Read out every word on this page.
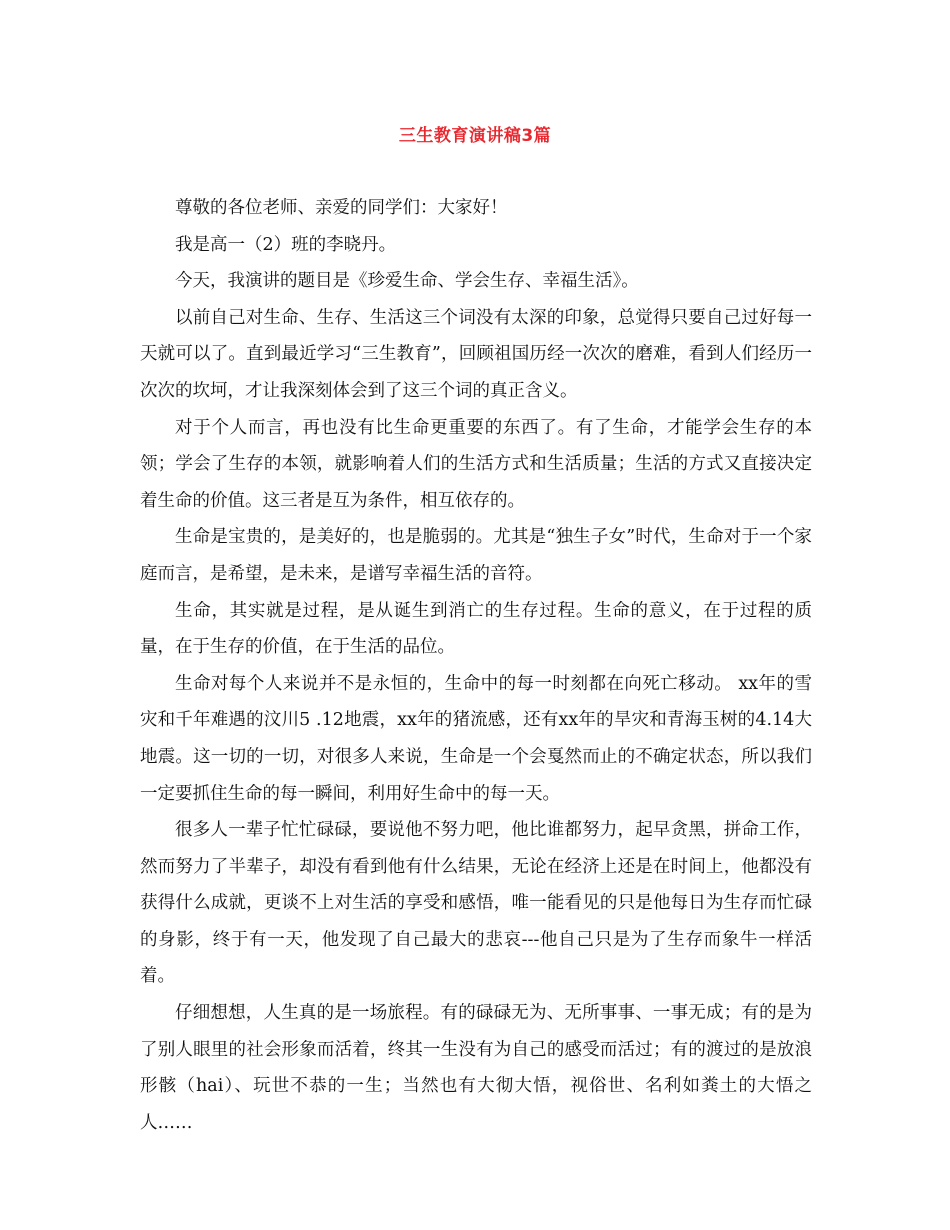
三生教育演讲稿3篇

尊敬的各位老师、亲爱的同学们：大家好！

我是高一（2）班的李晓丹。

今天，我演讲的题目是《珍爱生命、学会生存、幸福生活》。

以前自己对生命、生存、生活这三个词没有太深的印象，总觉得只要自己过好每一天就可以了。直到最近学习“三生教育”，回顾祖国历经一次次的磨难，看到人们经历一次次的坎坷，才让我深刻体会到了这三个词的真正含义。

对于个人而言，再也没有比生命更重要的东西了。有了生命，才能学会生存的本领；学会了生存的本领，就影响着人们的生活方式和生活质量；生活的方式又直接决定着生命的价值。这三者是互为条件，相互依存的。

生命是宝贵的，是美好的，也是脆弱的。尤其是“独生子女”时代，生命对于一个家庭而言，是希望，是未来，是谱写幸福生活的音符。

生命，其实就是过程，是从诞生到消亡的生存过程。生命的意义，在于过程的质量，在于生存的价值，在于生活的品位。

生命对每个人来说并不是永恒的，生命中的每一时刻都在向死亡移动。 xx年的雪灾和千年难遇的汶川5 .12地震，xx年的猪流感，还有xx年的旱灾和青海玉树的4.14大地震。这一切的一切，对很多人来说，生命是一个会戛然而止的不确定状态，所以我们一定要抓住生命的每一瞬间，利用好生命中的每一天。

很多人一辈子忙忙碌碌，要说他不努力吧，他比谁都努力，起早贪黑，拼命工作，然而努力了半辈子，却没有看到他有什么结果，无论在经济上还是在时间上，他都没有获得什么成就，更谈不上对生活的享受和感悟，唯一能看见的只是他每日为生存而忙碌的身影，终于有一天，他发现了自己最大的悲哀---他自己只是为了生存而象牛一样活着。

仔细想想，人生真的是一场旅程。有的碌碌无为、无所事事、一事无成；有的是为了别人眼里的社会形象而活着，终其一生没有为自己的感受而活过；有的渡过的是放浪形骸（hai）、玩世不恭的一生；当然也有大彻大悟，视俗世、名利如粪土的大悟之人……
